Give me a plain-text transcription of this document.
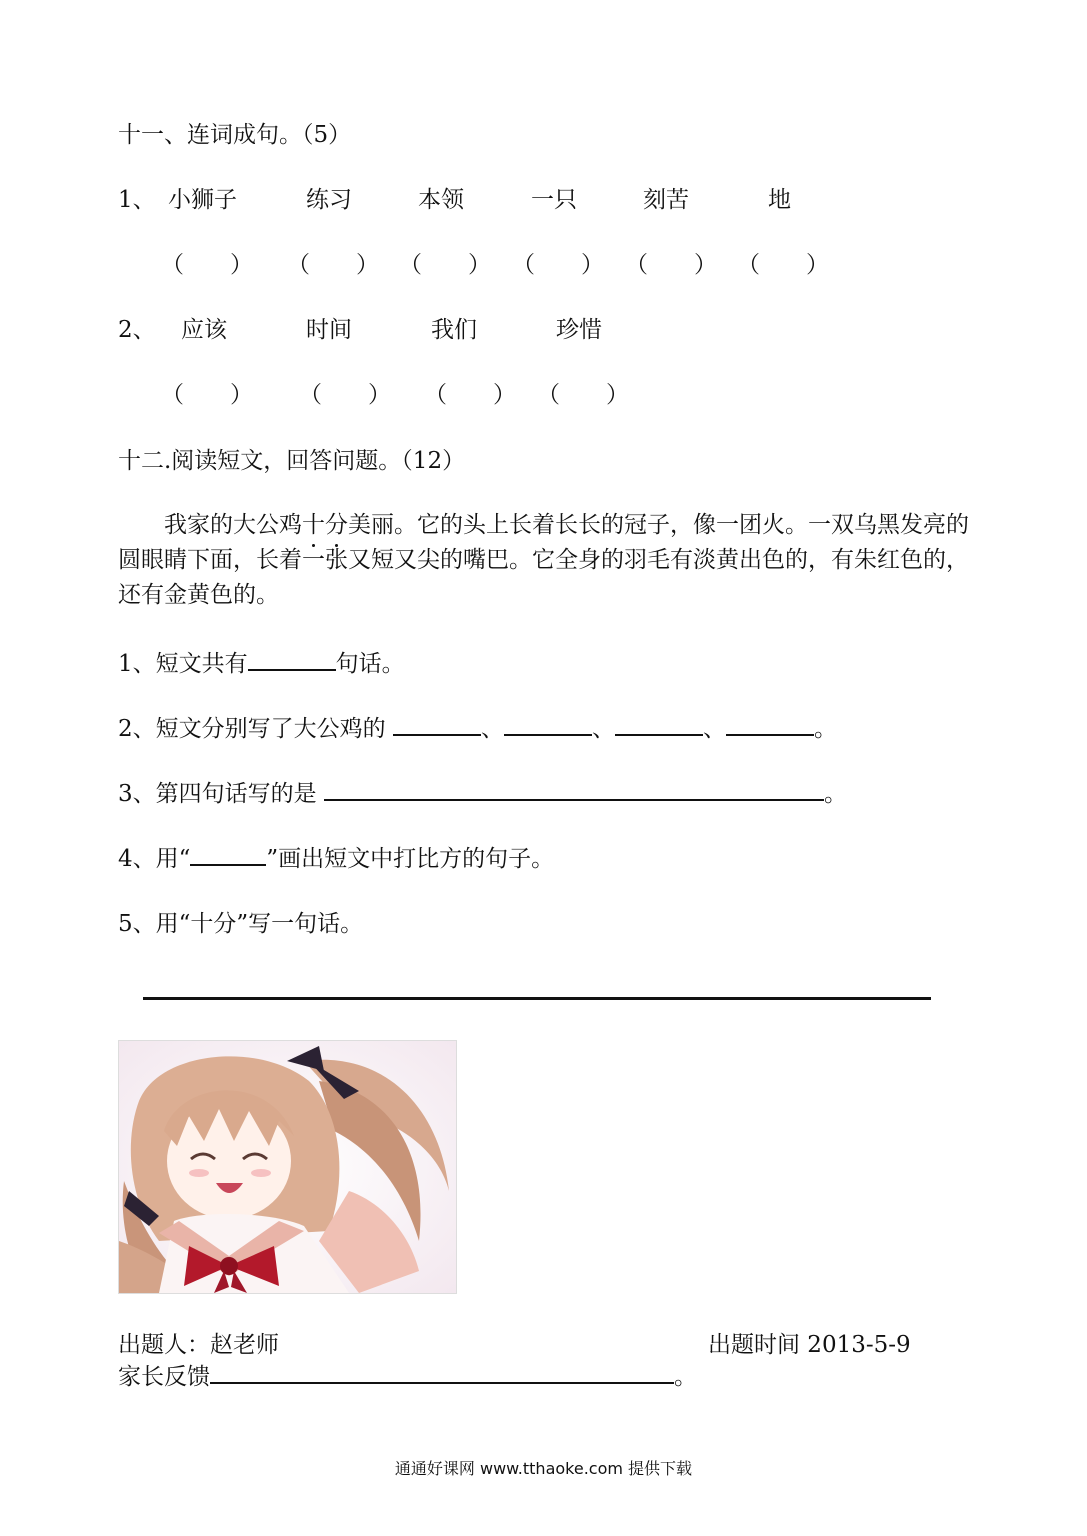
十一、连词成句。（5）
1、 小狮子	练习	本领	一只	刻苦	地
（　　） （　　） （　　） （　　） （　　） （　　）
2、 应该	时间	我们	珍惜
（　　） （　　） （　　） （　　）
十二.阅读短文，回答问题。（12）
　　我家的大公鸡十分美丽。它的头上长着长长的冠子，像一团火。一双乌黑发亮的圆眼睛下面，长着一张又短又尖的嘴巴。它全身的羽毛有淡黄出色的，有朱红色的，还有金黄色的。
1、短文共有	句话。
2、短文分别写了大公鸡的	、	、	、	。
3、第四句话写的是	。
4、用“	”画出短文中打比方的句子。
5、用“十分”写一句话。
出题人：赵老师	出题时间 2013-5-9
家长反馈	。
通通好课网 www.tthaoke.com 提供下载
